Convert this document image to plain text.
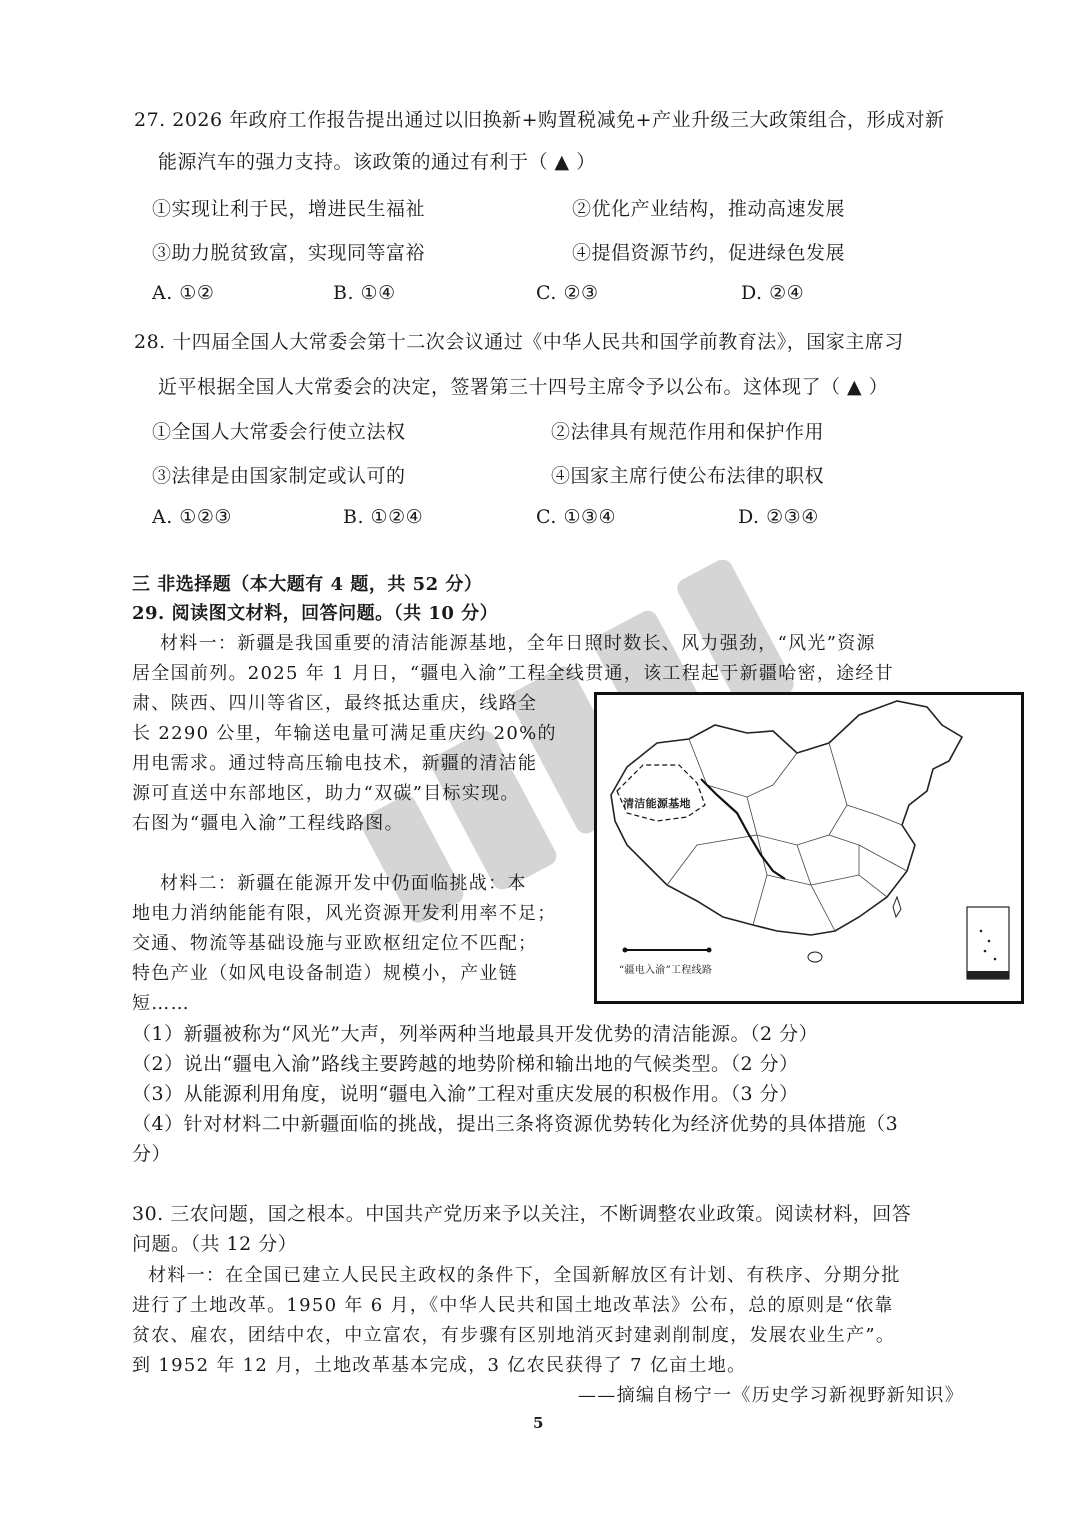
27. 2026 年政府工作报告提出通过以旧换新+购置税减免+产业升级三大政策组合，形成对新
能源汽车的强力支持。该政策的通过有利于（ ▲ ）
①实现让利于民，增进民生福祉	②优化产业结构，推动高速发展
③助力脱贫致富，实现同等富裕	④提倡资源节约，促进绿色发展
A. ①②	B. ①④	C. ②③	D. ②④
28. 十四届全国人大常委会第十二次会议通过《中华人民共和国学前教育法》，国家主席习
近平根据全国人大常委会的决定，签署第三十四号主席令予以公布。这体现了（ ▲ ）
①全国人大常委会行使立法权	②法律具有规范作用和保护作用
③法律是由国家制定或认可的	④国家主席行使公布法律的职权
A. ①②③	B. ①②④	C. ①③④	D. ②③④
三 非选择题（本大题有 4 题，共 52 分）
29. 阅读图文材料，回答问题。（共 10 分）
材料一：新疆是我国重要的清洁能源基地，全年日照时数长、风力强劲，“风光”资源
居全国前列。2025 年 1 月日，“疆电入渝”工程全线贯通，该工程起于新疆哈密，途经甘
肃、陕西、四川等省区，最终抵达重庆，线路全
长 2290 公里，年输送电量可满足重庆约 20%的
用电需求。通过特高压输电技术，新疆的清洁能
源可直送中东部地区，助力“双碳”目标实现。
右图为“疆电入渝”工程线路图。
材料二：新疆在能源开发中仍面临挑战：本
地电力消纳能能有限，风光资源开发利用率不足；
交通、物流等基础设施与亚欧枢纽定位不匹配；
特色产业（如风电设备制造）规模小，产业链
短……
清洁能源基地
“疆电入渝”工程线路
（1）新疆被称为“风光”大声，列举两种当地最具开发优势的清洁能源。（2 分）
（2）说出“疆电入渝”路线主要跨越的地势阶梯和输出地的气候类型。（2 分）
（3）从能源利用角度，说明“疆电入渝”工程对重庆发展的积极作用。（3 分）
（4）针对材料二中新疆面临的挑战，提出三条将资源优势转化为经济优势的具体措施（3
分）
30. 三农问题，国之根本。中国共产党历来予以关注，不断调整农业政策。阅读材料，回答
问题。（共 12 分）
材料一：在全国已建立人民民主政权的条件下，全国新解放区有计划、有秩序、分期分批
进行了土地改革。1950 年 6 月，《中华人民共和国土地改革法》公布，总的原则是“依靠
贫农、雇农，团结中农，中立富农，有步骤有区别地消灭封建剥削制度，发展农业生产”。
到 1952 年 12 月，土地改革基本完成，3 亿农民获得了 7 亿亩土地。
——摘编自杨宁一《历史学习新视野新知识》
5
